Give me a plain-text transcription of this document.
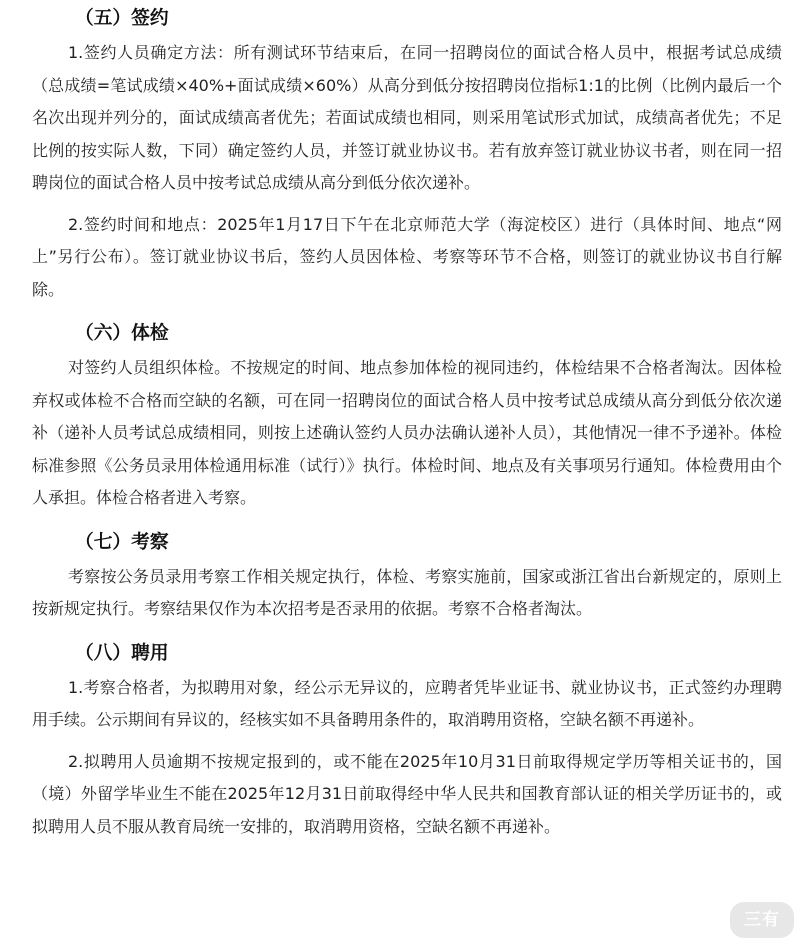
（五）签约

1.签约人员确定方法：所有测试环节结束后，在同一招聘岗位的面试合格人员中，根据考试总成绩（总成绩=笔试成绩×40%+面试成绩×60%）从高分到低分按招聘岗位指标1:1的比例（比例内最后一个名次出现并列分的，面试成绩高者优先；若面试成绩也相同，则采用笔试形式加试，成绩高者优先；不足比例的按实际人数，下同）确定签约人员，并签订就业协议书。若有放弃签订就业协议书者，则在同一招聘岗位的面试合格人员中按考试总成绩从高分到低分依次递补。

2.签约时间和地点：2025年1月17日下午在北京师范大学（海淀校区）进行（具体时间、地点“网上”另行公布）。签订就业协议书后，签约人员因体检、考察等环节不合格，则签订的就业协议书自行解除。

（六）体检

对签约人员组织体检。不按规定的时间、地点参加体检的视同违约，体检结果不合格者淘汰。因体检弃权或体检不合格而空缺的名额，可在同一招聘岗位的面试合格人员中按考试总成绩从高分到低分依次递补（递补人员考试总成绩相同，则按上述确认签约人员办法确认递补人员），其他情况一律不予递补。体检标准参照《公务员录用体检通用标准（试行）》执行。体检时间、地点及有关事项另行通知。体检费用由个人承担。体检合格者进入考察。

（七）考察

考察按公务员录用考察工作相关规定执行，体检、考察实施前，国家或浙江省出台新规定的，原则上按新规定执行。考察结果仅作为本次招考是否录用的依据。考察不合格者淘汰。

（八）聘用

1.考察合格者，为拟聘用对象，经公示无异议的，应聘者凭毕业证书、就业协议书，正式签约办理聘用手续。公示期间有异议的，经核实如不具备聘用条件的，取消聘用资格，空缺名额不再递补。

2.拟聘用人员逾期不按规定报到的，或不能在2025年10月31日前取得规定学历等相关证书的，国（境）外留学毕业生不能在2025年12月31日前取得经中华人民共和国教育部认证的相关学历证书的，或拟聘用人员不服从教育局统一安排的，取消聘用资格，空缺名额不再递补。

三有
